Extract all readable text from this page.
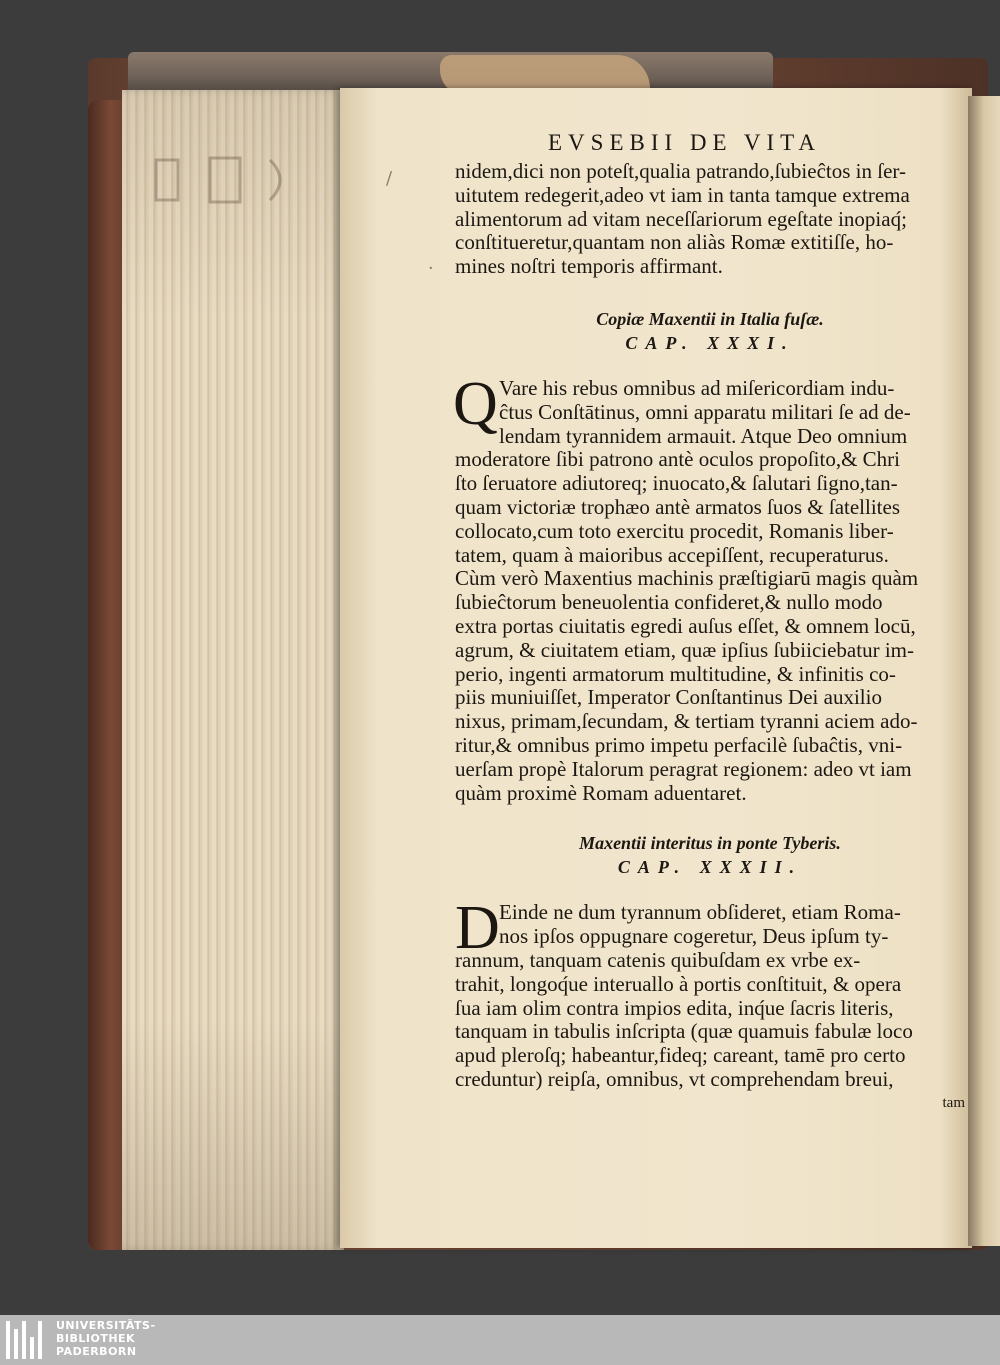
/
·
EVSEBII DE VITA
nidem,dici non poteſt,qualia patrando,ſubieĉtos in ſer-
uitutem redegerit,adeo vt iam in tanta tamque extrema
alimentorum ad vitam neceſſariorum egeſtate inopiaq́;
conſtitueretur,quantam non aliàs Romæ extitiſſe, ho-
mines noſtri temporis affirmant.
Copiæ Maxentii in Italia fuſæ.
CAP. XXXI.
Q Vare his rebus omnibus ad miſericordiam indu-
ĉtus Conſtātinus, omni apparatu militari ſe ad de-
lendam tyrannidem armauit. Atque Deo omnium
moderatore ſibi patrono antè oculos propoſito,& Chri
ſto ſeruatore adiutoreq; inuocato,& ſalutari ſigno,tan-
quam victoriæ trophæo antè armatos ſuos & ſatellites
collocato,cum toto exercitu procedit, Romanis liber-
tatem, quam à maioribus accepiſſent, recuperaturus.
Cùm verò Maxentius machinis præſtigiarū magis quàm
ſubieĉtorum beneuolentia confideret,& nullo modo
extra portas ciuitatis egredi auſus eſſet, & omnem locū,
agrum, & ciuitatem etiam, quæ ipſius ſubiiciebatur im-
perio, ingenti armatorum multitudine, & infinitis co-
piis muniuiſſet, Imperator Conſtantinus Dei auxilio
nixus, primam,ſecundam, & tertiam tyranni aciem ado-
ritur,& omnibus primo impetu perfacilè ſubaĉtis, vni-
uerſam propè Italorum peragrat regionem: adeo vt iam
quàm proximè Romam aduentaret.
Maxentii interitus in ponte Tyberis.
CAP. XXXII.
D Einde ne dum tyrannum obſideret, etiam Roma-
nos ipſos oppugnare cogeretur, Deus ipſum ty-
rannum, tanquam catenis quibuſdam ex vrbe ex-
trahit, longoq́ue interuallo à portis conſtituit, & opera
ſua iam olim contra impios edita, inq́ue ſacris literis,
tanquam in tabulis inſcripta (quæ quamuis fabulæ loco
apud pleroſq; habeantur,fideq; careant, tamē pro certo
creduntur) reipſa, omnibus, vt comprehendam breui,
tam
UNIVERSITÄTS-
BIBLIOTHEK
PADERBORN
